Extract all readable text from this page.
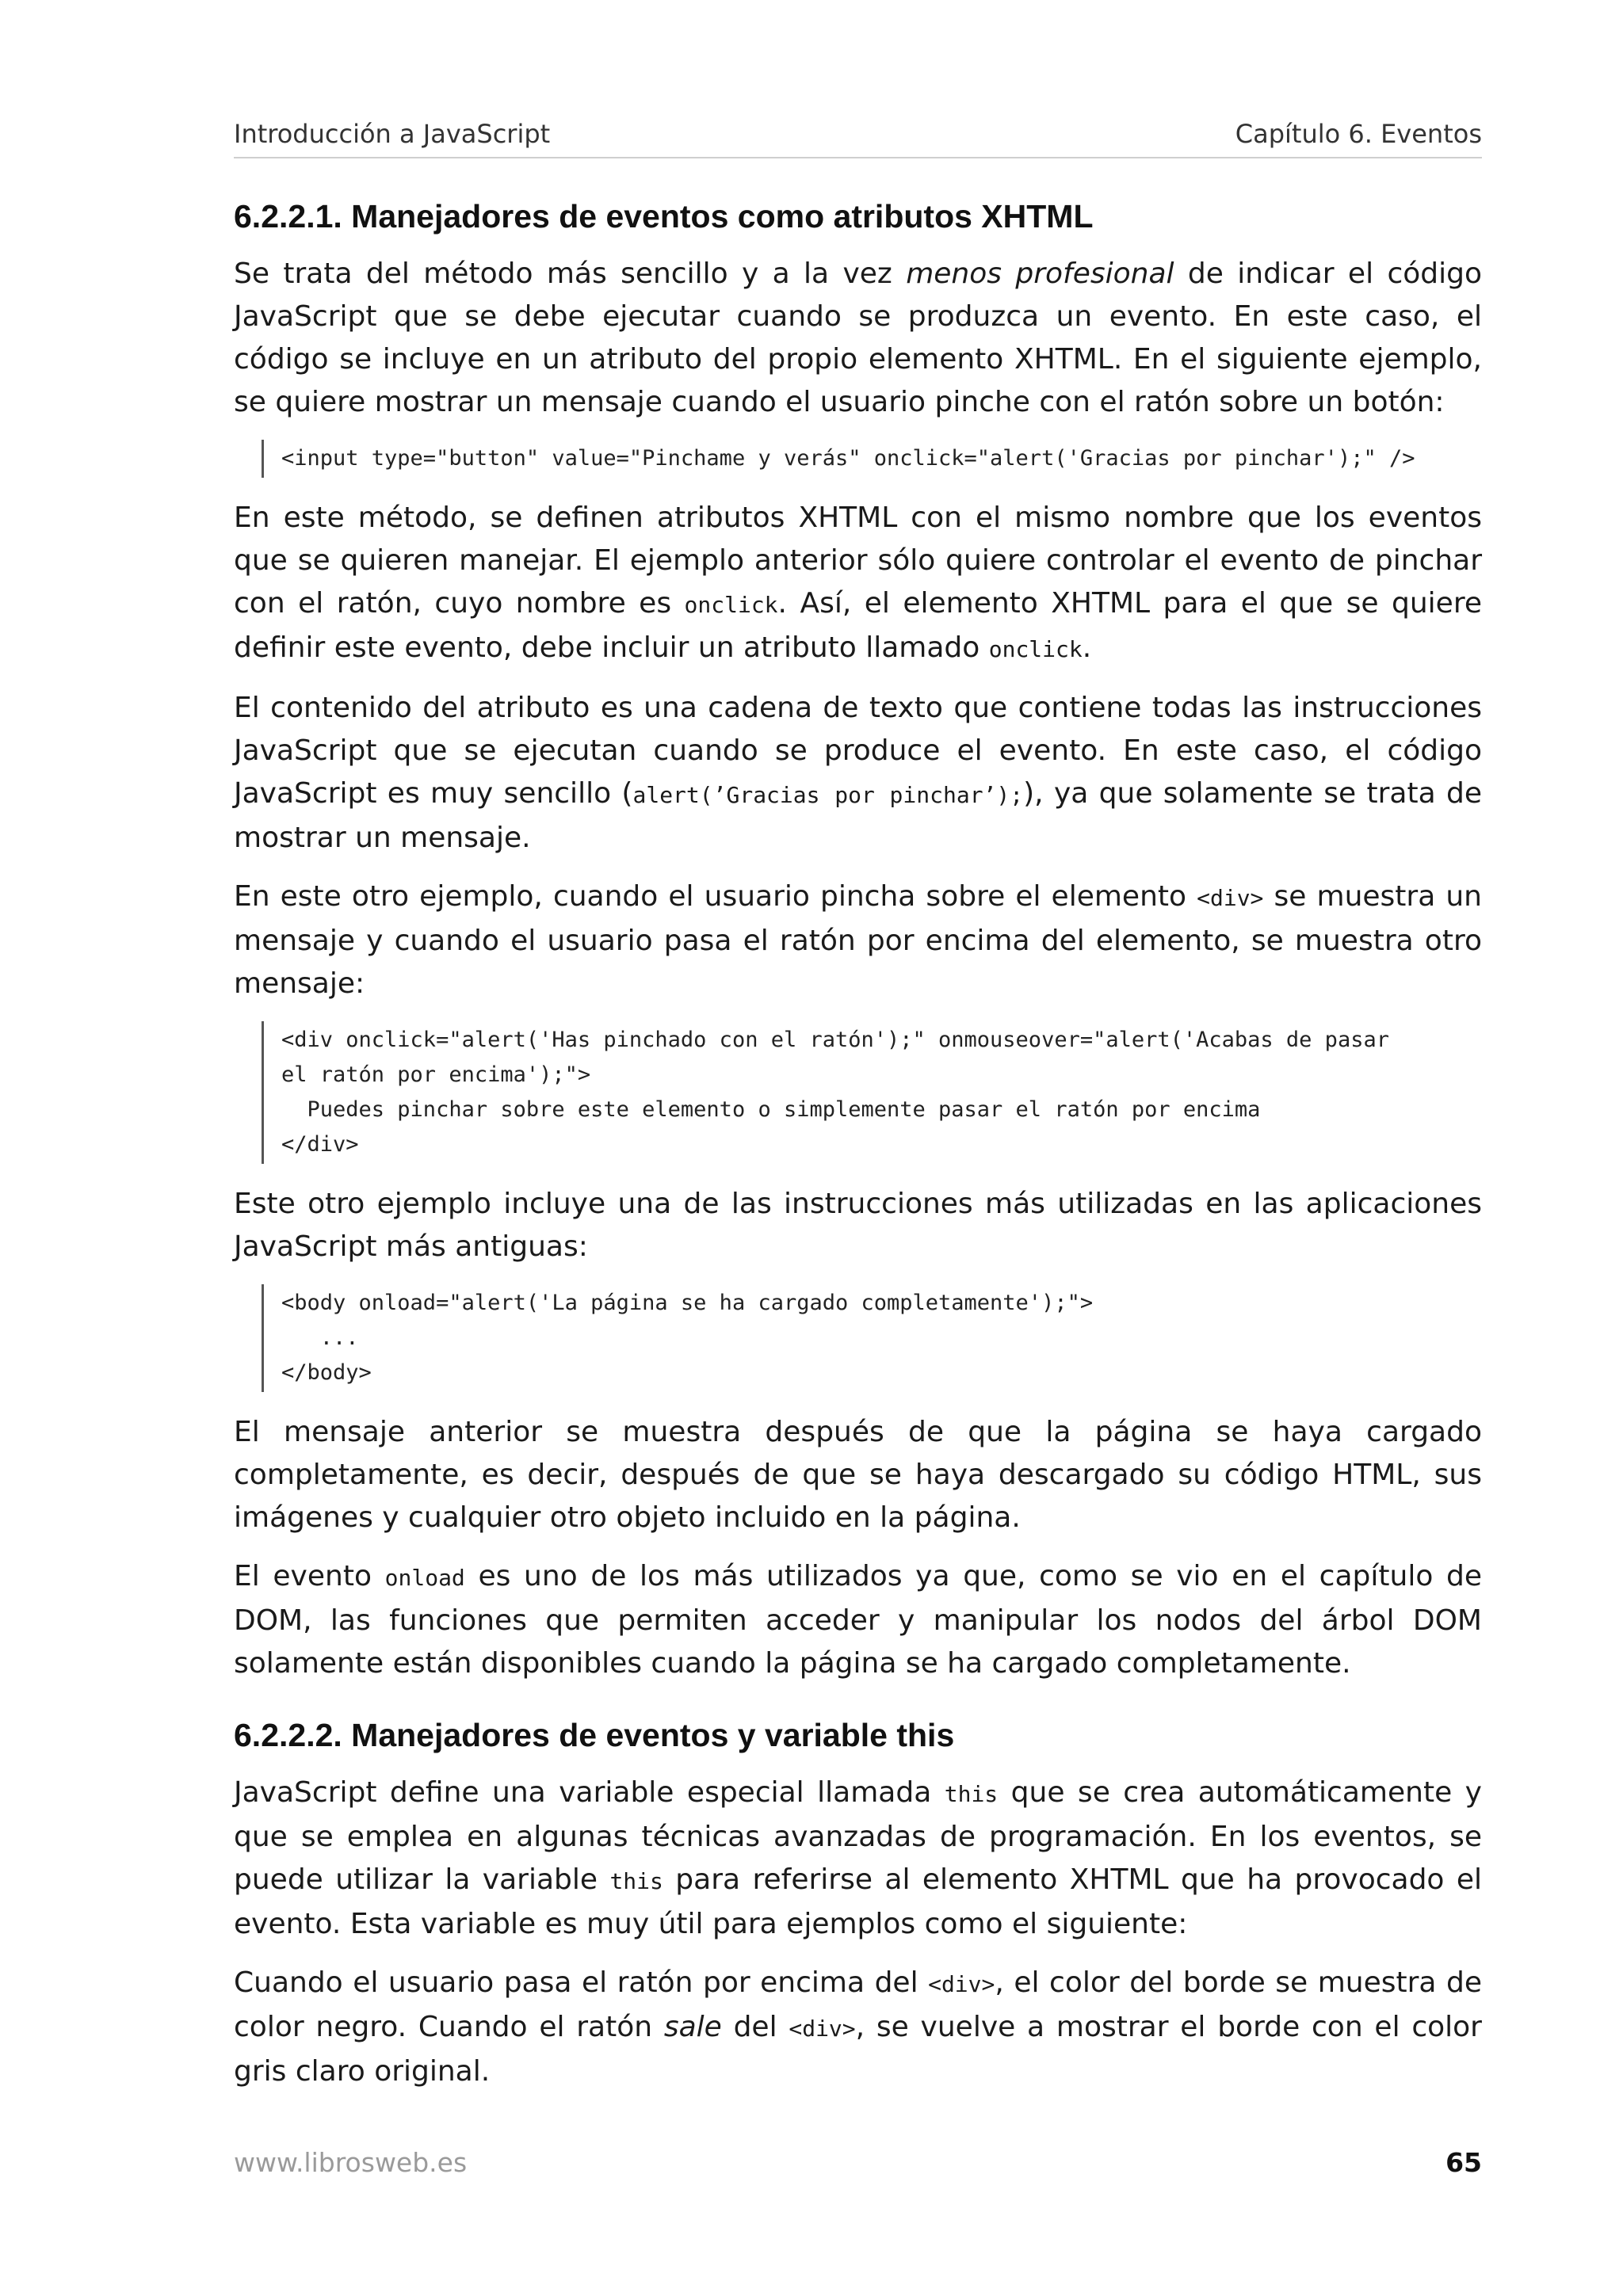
Introducción a JavaScript	Capítulo 6. Eventos
6.2.2.1. Manejadores de eventos como atributos XHTML

Se trata del método más sencillo y a la vez menos profesional de indicar el código JavaScript que se debe ejecutar cuando se produzca un evento. En este caso, el código se incluye en un atributo del propio elemento XHTML. En el siguiente ejemplo, se quiere mostrar un mensaje cuando el usuario pinche con el ratón sobre un botón:

<input type="button" value="Pinchame y verás" onclick="alert('Gracias por pinchar');" />

En este método, se definen atributos XHTML con el mismo nombre que los eventos que se quieren manejar. El ejemplo anterior sólo quiere controlar el evento de pinchar con el ratón, cuyo nombre es onclick. Así, el elemento XHTML para el que se quiere definir este evento, debe incluir un atributo llamado onclick.

El contenido del atributo es una cadena de texto que contiene todas las instrucciones JavaScript que se ejecutan cuando se produce el evento. En este caso, el código JavaScript es muy sencillo (alert(’Gracias por pinchar’);), ya que solamente se trata de mostrar un mensaje.

En este otro ejemplo, cuando el usuario pincha sobre el elemento <div> se muestra un mensaje y cuando el usuario pasa el ratón por encima del elemento, se muestra otro mensaje:

<div onclick="alert('Has pinchado con el ratón');" onmouseover="alert('Acabas de pasar
el ratón por encima');">
Puedes pinchar sobre este elemento o simplemente pasar el ratón por encima
</div>

Este otro ejemplo incluye una de las instrucciones más utilizadas en las aplicaciones JavaScript más antiguas:

<body onload="alert('La página se ha cargado completamente');">
...
</body>

El mensaje anterior se muestra después de que la página se haya cargado completamente, es decir, después de que se haya descargado su código HTML, sus imágenes y cualquier otro objeto incluido en la página.

El evento onload es uno de los más utilizados ya que, como se vio en el capítulo de DOM, las funciones que permiten acceder y manipular los nodos del árbol DOM solamente están disponibles cuando la página se ha cargado completamente.

6.2.2.2. Manejadores de eventos y variable this

JavaScript define una variable especial llamada this que se crea automáticamente y que se emplea en algunas técnicas avanzadas de programación. En los eventos, se puede utilizar la variable this para referirse al elemento XHTML que ha provocado el evento. Esta variable es muy útil para ejemplos como el siguiente:

Cuando el usuario pasa el ratón por encima del <div>, el color del borde se muestra de color negro. Cuando el ratón sale del <div>, se vuelve a mostrar el borde con el color gris claro original.

www.librosweb.es	65
